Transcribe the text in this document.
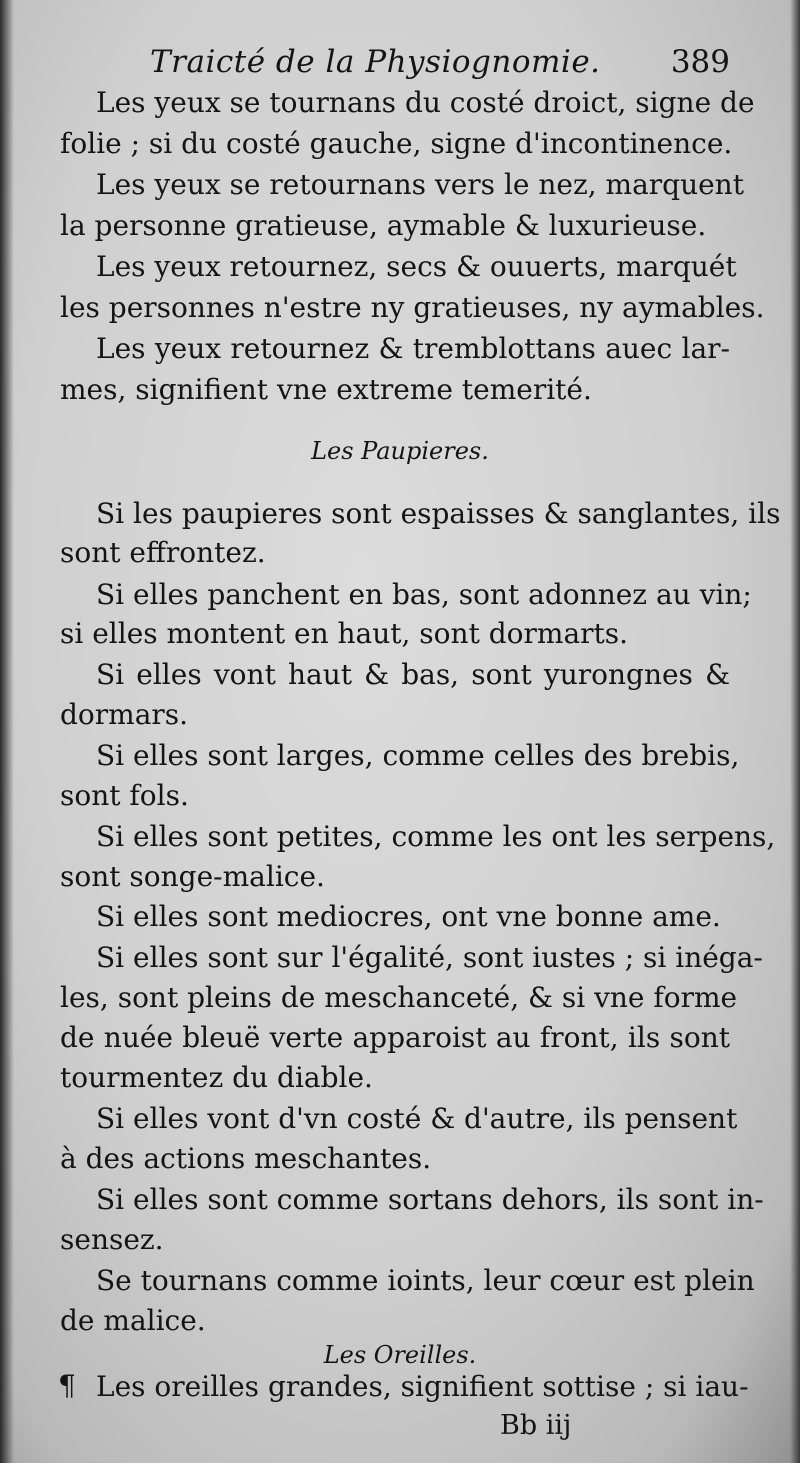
Traicté de la Physiognomie. 389
Les yeux se tournans du costé droict, signe de
folie ; si du costé gauche, signe d'incontinence.
Les yeux se retournans vers le nez, marquent
la personne gratieuse, aymable & luxurieuse.
Les yeux retournez, secs & ouuerts, marquét
les personnes n'estre ny gratieuses, ny aymables.
Les yeux retournez & tremblottans auec lar-
mes, signifient vne extreme temerité.
Les Paupieres.
Si les paupieres sont espaisses & sanglantes, ils
sont effrontez.
Si elles panchent en bas, sont adonnez au vin;
si elles montent en haut, sont dormarts.
Si elles vont haut & bas, sont yurongnes &
dormars.
Si elles sont larges, comme celles des brebis,
sont fols.
Si elles sont petites, comme les ont les serpens,
sont songe-malice.
Si elles sont mediocres, ont vne bonne ame.
Si elles sont sur l'égalité, sont iustes ; si inéga-
les, sont pleins de meschanceté, & si vne forme
de nuée bleuë verte apparoist au front, ils sont
tourmentez du diable.
Si elles vont d'vn costé & d'autre, ils pensent
à des actions meschantes.
Si elles sont comme sortans dehors, ils sont in-
sensez.
Se tournans comme ioints, leur cœur est plein
de malice.
Les Oreilles.
¶ Les oreilles grandes, signifient sottise ; si iau-
Bb iij
